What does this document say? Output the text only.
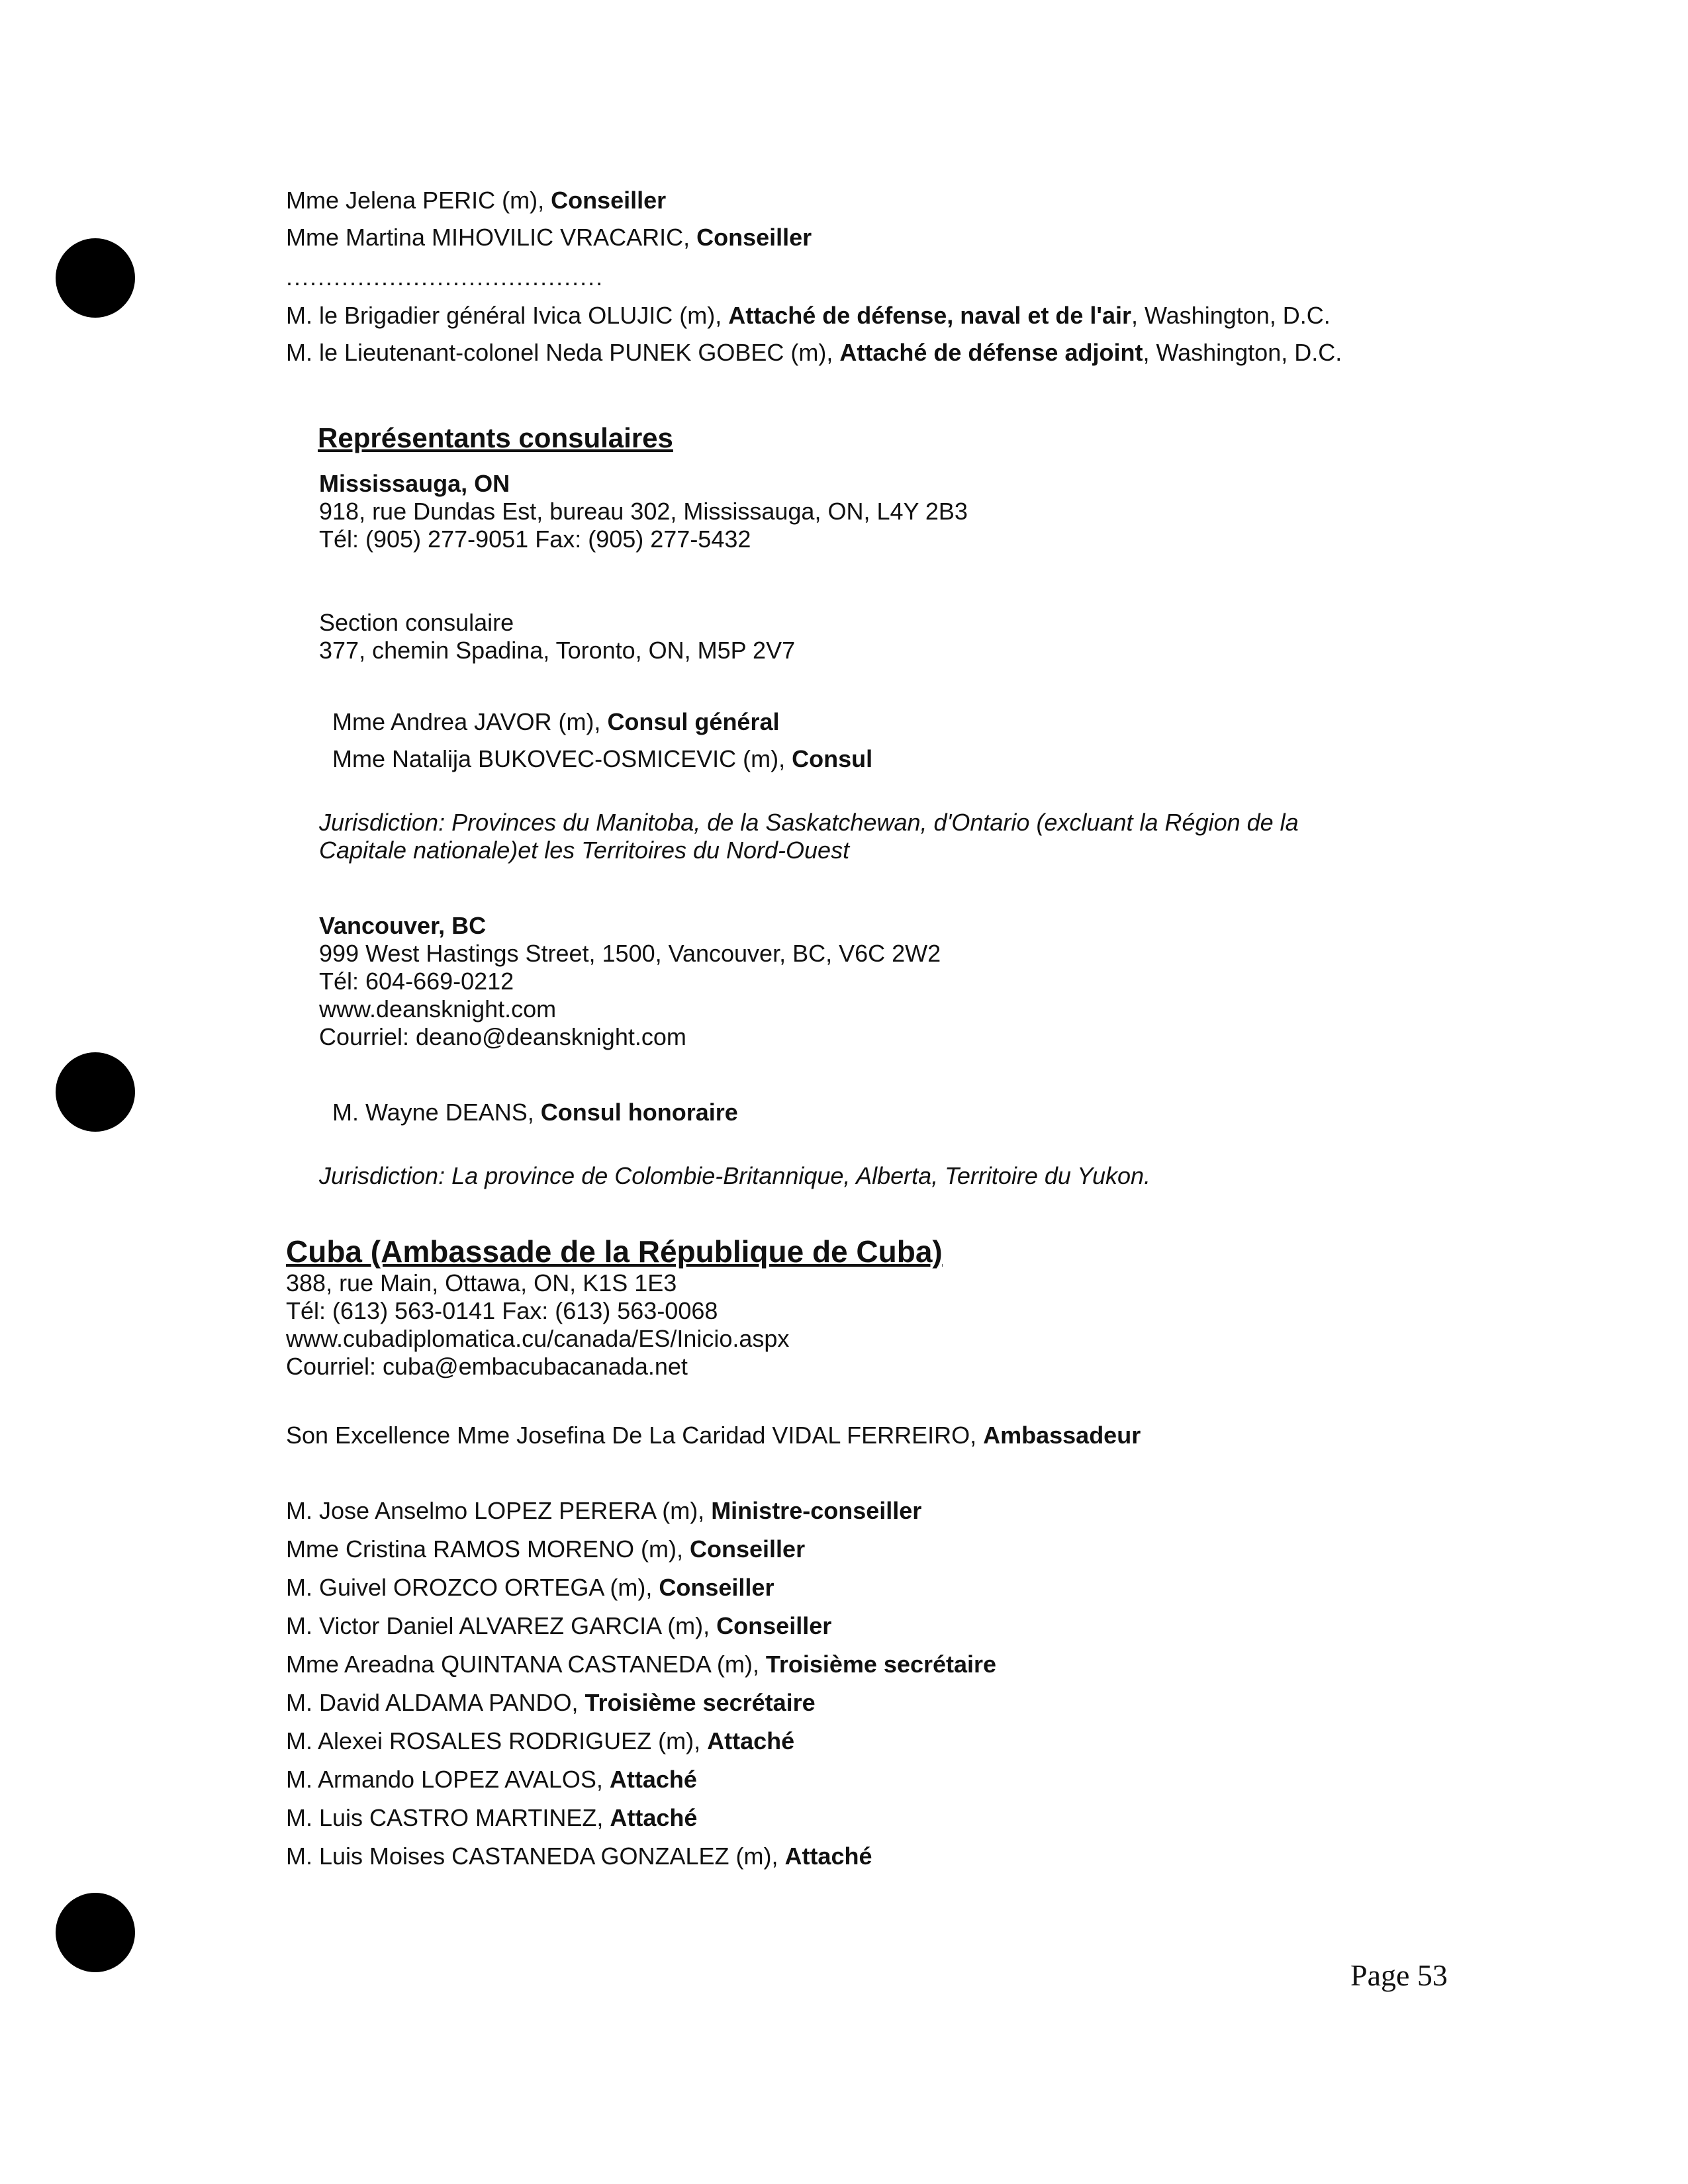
Mme Jelena PERIC (m), Conseiller
Mme Martina MIHOVILIC VRACARIC, Conseiller
........................................
M. le Brigadier général Ivica OLUJIC (m), Attaché de défense, naval et de l'air, Washington, D.C.
M. le Lieutenant-colonel Neda PUNEK GOBEC (m), Attaché de défense adjoint, Washington, D.C.
Représentants consulaires
Mississauga, ON
918, rue Dundas Est, bureau 302, Mississauga, ON, L4Y 2B3
Tél: (905) 277-9051 Fax: (905) 277-5432
Section consulaire
377, chemin Spadina, Toronto, ON, M5P 2V7
Mme Andrea JAVOR (m), Consul général
Mme Natalija BUKOVEC-OSMICEVIC (m), Consul
Jurisdiction: Provinces du Manitoba, de la Saskatchewan, d'Ontario (excluant la Région de la
Capitale nationale)et les Territoires du Nord-Ouest
Vancouver, BC
999 West Hastings Street, 1500, Vancouver, BC, V6C 2W2
Tél: 604-669-0212
www.deansknight.com
Courriel: deano@deansknight.com
M. Wayne DEANS, Consul honoraire
Jurisdiction: La province de Colombie-Britannique, Alberta, Territoire du Yukon.
Cuba (Ambassade de la République de Cuba)
388, rue Main, Ottawa, ON, K1S 1E3
Tél: (613) 563-0141 Fax: (613) 563-0068
www.cubadiplomatica.cu/canada/ES/Inicio.aspx
Courriel: cuba@embacubacanada.net
Son Excellence Mme Josefina De La Caridad VIDAL FERREIRO, Ambassadeur
M. Jose Anselmo LOPEZ PERERA (m), Ministre-conseiller
Mme Cristina RAMOS MORENO (m), Conseiller
M. Guivel OROZCO ORTEGA (m), Conseiller
M. Victor Daniel ALVAREZ GARCIA (m), Conseiller
Mme Areadna QUINTANA CASTANEDA (m), Troisième secrétaire
M. David ALDAMA PANDO, Troisième secrétaire
M. Alexei ROSALES RODRIGUEZ (m), Attaché
M. Armando LOPEZ AVALOS, Attaché
M. Luis CASTRO MARTINEZ, Attaché
M. Luis Moises CASTANEDA GONZALEZ (m), Attaché
Page 53
